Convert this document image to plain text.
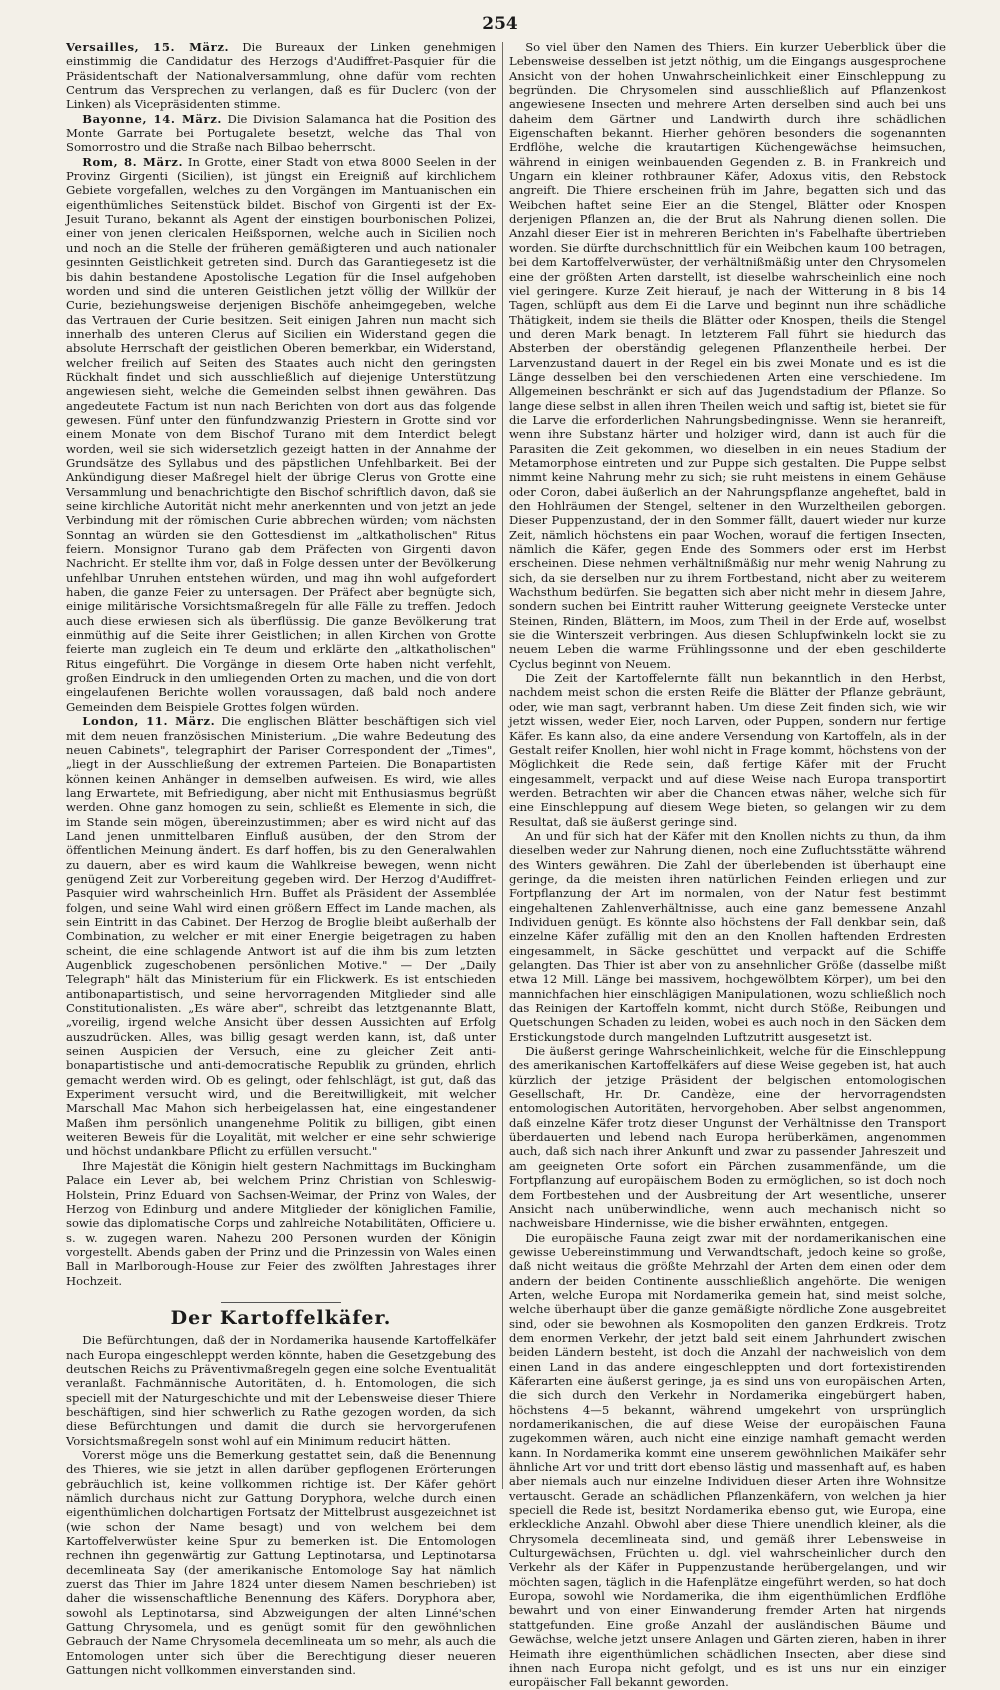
254

Versailles, 15. März. Die Bureaux der Linken genehmigen einstimmig die Candidatur des Herzogs d'Audiffret-Pasquier für die Präsidentschaft der Nationalversammlung, ohne dafür vom rechten Centrum das Versprechen zu verlangen, daß es für Duclerc (von der Linken) als Vicepräsidenten stimme.

Bayonne, 14. März. Die Division Salamanca hat die Position des Monte Garrate bei Portugalete besetzt, welche das Thal von Somorrostro und die Straße nach Bilbao beherrscht.

Rom, 8. März. In Grotte, einer Stadt von etwa 8000 Seelen in der Provinz Girgenti (Sicilien), ist jüngst ein Ereigniß auf kirchlichem Gebiete vorgefallen, welches zu den Vorgängen im Mantuanischen ein eigenthümliches Seitenstück bildet. Bischof von Girgenti ist der Ex-Jesuit Turano, bekannt als Agent der einstigen bourbonischen Polizei, einer von jenen clericalen Heißspornen, welche auch in Sicilien noch und noch an die Stelle der früheren gemäßigteren und auch nationaler gesinnten Geistlichkeit getreten sind. Durch das Garantiegesetz ist die bis dahin bestandene Apostolische Legation für die Insel aufgehoben worden und sind die unteren Geistlichen jetzt völlig der Willkür der Curie, beziehungsweise derjenigen Bischöfe anheimgegeben, welche das Vertrauen der Curie besitzen. Seit einigen Jahren nun macht sich innerhalb des unteren Clerus auf Sicilien ein Widerstand gegen die absolute Herrschaft der geistlichen Oberen bemerkbar, ein Widerstand, welcher freilich auf Seiten des Staates auch nicht den geringsten Rückhalt findet und sich ausschließlich auf diejenige Unterstützung angewiesen sieht, welche die Gemeinden selbst ihnen gewähren. Das angedeutete Factum ist nun nach Berichten von dort aus das folgende gewesen. Fünf unter den fünfundzwanzig Priestern in Grotte sind vor einem Monate von dem Bischof Turano mit dem Interdict belegt worden, weil sie sich widersetzlich gezeigt hatten in der Annahme der Grundsätze des Syllabus und des päpstlichen Unfehlbarkeit. Bei der Ankündigung dieser Maßregel hielt der übrige Clerus von Grotte eine Versammlung und benachrichtigte den Bischof schriftlich davon, daß sie seine kirchliche Autorität nicht mehr anerkennten und von jetzt an jede Verbindung mit der römischen Curie abbrechen würden; vom nächsten Sonntag an würden sie den Gottesdienst im „altkatholischen" Ritus feiern. Monsignor Turano gab dem Präfecten von Girgenti davon Nachricht. Er stellte ihm vor, daß in Folge dessen unter der Bevölkerung unfehlbar Unruhen entstehen würden, und mag ihn wohl aufgefordert haben, die ganze Feier zu untersagen. Der Präfect aber begnügte sich, einige militärische Vorsichtsmaßregeln für alle Fälle zu treffen. Jedoch auch diese erwiesen sich als überflüssig. Die ganze Bevölkerung trat einmüthig auf die Seite ihrer Geistlichen; in allen Kirchen von Grotte feierte man zugleich ein Te deum und erklärte den „altkatholischen" Ritus eingeführt. Die Vorgänge in diesem Orte haben nicht verfehlt, großen Eindruck in den umliegenden Orten zu machen, und die von dort eingelaufenen Berichte wollen voraussagen, daß bald noch andere Gemeinden dem Beispiele Grottes folgen würden.

London, 11. März. Die englischen Blätter beschäftigen sich viel mit dem neuen französischen Ministerium. „Die wahre Bedeutung des neuen Cabinets", telegraphirt der Pariser Correspondent der „Times", „liegt in der Ausschließung der extremen Parteien. Die Bonapartisten können keinen Anhänger in demselben aufweisen. Es wird, wie alles lang Erwartete, mit Befriedigung, aber nicht mit Enthusiasmus begrüßt werden. Ohne ganz homogen zu sein, schließt es Elemente in sich, die im Stande sein mögen, übereinzustimmen; aber es wird nicht auf das Land jenen unmittelbaren Einfluß ausüben, der den Strom der öffentlichen Meinung ändert. Es darf hoffen, bis zu den Generalwahlen zu dauern, aber es wird kaum die Wahlkreise bewegen, wenn nicht genügend Zeit zur Vorbereitung gegeben wird. Der Herzog d'Audiffret-Pasquier wird wahrscheinlich Hrn. Buffet als Präsident der Assemblée folgen, und seine Wahl wird einen größern Effect im Lande machen, als sein Eintritt in das Cabinet. Der Herzog de Broglie bleibt außerhalb der Combination, zu welcher er mit einer Energie beigetragen zu haben scheint, die eine schlagende Antwort ist auf die ihm bis zum letzten Augenblick zugeschobenen persönlichen Motive." — Der „Daily Telegraph" hält das Ministerium für ein Flickwerk. Es ist entschieden antibonapartistisch, und seine hervorragenden Mitglieder sind alle Constitutionalisten. „Es wäre aber", schreibt das letztgenannte Blatt, „voreilig, irgend welche Ansicht über dessen Aussichten auf Erfolg auszudrücken. Alles, was billig gesagt werden kann, ist, daß unter seinen Auspicien der Versuch, eine zu gleicher Zeit anti-bonapartistische und anti-democratische Republik zu gründen, ehrlich gemacht werden wird. Ob es gelingt, oder fehlschlägt, ist gut, daß das Experiment versucht wird, und die Bereitwilligkeit, mit welcher Marschall Mac Mahon sich herbeigelassen hat, eine eingestandener Maßen ihm persönlich unangenehme Politik zu billigen, gibt einen weiteren Beweis für die Loyalität, mit welcher er eine sehr schwierige und höchst undankbare Pflicht zu erfüllen versucht."

Ihre Majestät die Königin hielt gestern Nachmittags im Buckingham Palace ein Lever ab, bei welchem Prinz Christian von Schleswig-Holstein, Prinz Eduard von Sachsen-Weimar, der Prinz von Wales, der Herzog von Edinburg und andere Mitglieder der königlichen Familie, sowie das diplomatische Corps und zahlreiche Notabilitäten, Officiere u. s. w. zugegen waren. Nahezu 200 Personen wurden der Königin vorgestellt. Abends gaben der Prinz und die Prinzessin von Wales einen Ball in Marlborough-House zur Feier des zwölften Jahrestages ihrer Hochzeit.

Der Kartoffelkäfer.

Die Befürchtungen, daß der in Nordamerika hausende Kartoffelkäfer nach Europa eingeschleppt werden könnte, haben die Gesetzgebung des deutschen Reichs zu Präventivmaßregeln gegen eine solche Eventualität veranlaßt. Fachmännische Autoritäten, d. h. Entomologen, die sich speciell mit der Naturgeschichte und mit der Lebensweise dieser Thiere beschäftigen, sind hier schwerlich zu Rathe gezogen worden, da sich diese Befürchtungen und damit die durch sie hervorgerufenen Vorsichtsmaßregeln sonst wohl auf ein Minimum reducirt hätten.

Vorerst möge uns die Bemerkung gestattet sein, daß die Benennung des Thieres, wie sie jetzt in allen darüber gepflogenen Erörterungen gebräuchlich ist, keine vollkommen richtige ist. Der Käfer gehört nämlich durchaus nicht zur Gattung Doryphora, welche durch einen eigenthümlichen dolchartigen Fortsatz der Mittelbrust ausgezeichnet ist (wie schon der Name besagt) und von welchem bei dem Kartoffelverwüster keine Spur zu bemerken ist. Die Entomologen rechnen ihn gegenwärtig zur Gattung Leptinotarsa, und Leptinotarsa decemlineata Say (der amerikanische Entomologe Say hat nämlich zuerst das Thier im Jahre 1824 unter diesem Namen beschrieben) ist daher die wissenschaftliche Benennung des Käfers. Doryphora aber, sowohl als Leptinotarsa, sind Abzweigungen der alten Linné'schen Gattung Chrysomela, und es genügt somit für den gewöhnlichen Gebrauch der Name Chrysomela decemlineata um so mehr, als auch die Entomologen unter sich über die Berechtigung dieser neueren Gattungen nicht vollkommen einverstanden sind.

So viel über den Namen des Thiers. Ein kurzer Ueberblick über die Lebensweise desselben ist jetzt nöthig, um die Eingangs ausgesprochene Ansicht von der hohen Unwahrscheinlichkeit einer Einschleppung zu begründen. Die Chrysomelen sind ausschließlich auf Pflanzenkost angewiesene Insecten und mehrere Arten derselben sind auch bei uns daheim dem Gärtner und Landwirth durch ihre schädlichen Eigenschaften bekannt. Hierher gehören besonders die sogenannten Erdflöhe, welche die krautartigen Küchengewächse heimsuchen, während in einigen weinbauenden Gegenden z. B. in Frankreich und Ungarn ein kleiner rothbrauner Käfer, Adoxus vitis, den Rebstock angreift. Die Thiere erscheinen früh im Jahre, begatten sich und das Weibchen haftet seine Eier an die Stengel, Blätter oder Knospen derjenigen Pflanzen an, die der Brut als Nahrung dienen sollen. Die Anzahl dieser Eier ist in mehreren Berichten in's Fabelhafte übertrieben worden. Sie dürfte durchschnittlich für ein Weibchen kaum 100 betragen, bei dem Kartoffelverwüster, der verhältnißmäßig unter den Chrysomelen eine der größten Arten darstellt, ist dieselbe wahrscheinlich eine noch viel geringere. Kurze Zeit hierauf, je nach der Witterung in 8 bis 14 Tagen, schlüpft aus dem Ei die Larve und beginnt nun ihre schädliche Thätigkeit, indem sie theils die Blätter oder Knospen, theils die Stengel und deren Mark benagt. In letzterem Fall führt sie hiedurch das Absterben der oberständig gelegenen Pflanzentheile herbei. Der Larvenzustand dauert in der Regel ein bis zwei Monate und es ist die Länge desselben bei den verschiedenen Arten eine verschiedene. Im Allgemeinen beschränkt er sich auf das Jugendstadium der Pflanze. So lange diese selbst in allen ihren Theilen weich und saftig ist, bietet sie für die Larve die erforderlichen Nahrungsbedingnisse. Wenn sie heranreift, wenn ihre Substanz härter und holziger wird, dann ist auch für die Parasiten die Zeit gekommen, wo dieselben in ein neues Stadium der Metamorphose eintreten und zur Puppe sich gestalten. Die Puppe selbst nimmt keine Nahrung mehr zu sich; sie ruht meistens in einem Gehäuse oder Coron, dabei äußerlich an der Nahrungspflanze angeheftet, bald in den Hohlräumen der Stengel, seltener in den Wurzeltheilen geborgen. Dieser Puppenzustand, der in den Sommer fällt, dauert wieder nur kurze Zeit, nämlich höchstens ein paar Wochen, worauf die fertigen Insecten, nämlich die Käfer, gegen Ende des Sommers oder erst im Herbst erscheinen. Diese nehmen verhältnißmäßig nur mehr wenig Nahrung zu sich, da sie derselben nur zu ihrem Fortbestand, nicht aber zu weiterem Wachsthum bedürfen. Sie begatten sich aber nicht mehr in diesem Jahre, sondern suchen bei Eintritt rauher Witterung geeignete Verstecke unter Steinen, Rinden, Blättern, im Moos, zum Theil in der Erde auf, woselbst sie die Winterszeit verbringen. Aus diesen Schlupfwinkeln lockt sie zu neuem Leben die warme Frühlingssonne und der eben geschilderte Cyclus beginnt von Neuem.

Die Zeit der Kartoffelernte fällt nun bekanntlich in den Herbst, nachdem meist schon die ersten Reife die Blätter der Pflanze gebräunt, oder, wie man sagt, verbrannt haben. Um diese Zeit finden sich, wie wir jetzt wissen, weder Eier, noch Larven, oder Puppen, sondern nur fertige Käfer. Es kann also, da eine andere Versendung von Kartoffeln, als in der Gestalt reifer Knollen, hier wohl nicht in Frage kommt, höchstens von der Möglichkeit die Rede sein, daß fertige Käfer mit der Frucht eingesammelt, verpackt und auf diese Weise nach Europa transportirt werden. Betrachten wir aber die Chancen etwas näher, welche sich für eine Einschleppung auf diesem Wege bieten, so gelangen wir zu dem Resultat, daß sie äußerst geringe sind.

An und für sich hat der Käfer mit den Knollen nichts zu thun, da ihm dieselben weder zur Nahrung dienen, noch eine Zufluchtsstätte während des Winters gewähren. Die Zahl der überlebenden ist überhaupt eine geringe, da die meisten ihren natürlichen Feinden erliegen und zur Fortpflanzung der Art im normalen, von der Natur fest bestimmt eingehaltenen Zahlenverhältnisse, auch eine ganz bemessene Anzahl Individuen genügt. Es könnte also höchstens der Fall denkbar sein, daß einzelne Käfer zufällig mit den an den Knollen haftenden Erdresten eingesammelt, in Säcke geschüttet und verpackt auf die Schiffe gelangten. Das Thier ist aber von zu ansehnlicher Größe (dasselbe mißt etwa 12 Mill. Länge bei massivem, hochgewölbtem Körper), um bei den mannichfachen hier einschlägigen Manipulationen, wozu schließlich noch das Reinigen der Kartoffeln kommt, nicht durch Stöße, Reibungen und Quetschungen Schaden zu leiden, wobei es auch noch in den Säcken dem Erstickungstode durch mangelnden Luftzutritt ausgesetzt ist.

Die äußerst geringe Wahrscheinlichkeit, welche für die Einschleppung des amerikanischen Kartoffelkäfers auf diese Weise gegeben ist, hat auch kürzlich der jetzige Präsident der belgischen entomologischen Gesellschaft, Hr. Dr. Candèze, eine der hervorragendsten entomologischen Autoritäten, hervorgehoben. Aber selbst angenommen, daß einzelne Käfer trotz dieser Ungunst der Verhältnisse den Transport überdauerten und lebend nach Europa herüberkämen, angenommen auch, daß sich nach ihrer Ankunft und zwar zu passender Jahreszeit und am geeigneten Orte sofort ein Pärchen zusammenfände, um die Fortpflanzung auf europäischem Boden zu ermöglichen, so ist doch noch dem Fortbestehen und der Ausbreitung der Art wesentliche, unserer Ansicht nach unüberwindliche, wenn auch mechanisch nicht so nachweisbare Hindernisse, wie die bisher erwähnten, entgegen.

Die europäische Fauna zeigt zwar mit der nordamerikanischen eine gewisse Uebereinstimmung und Verwandtschaft, jedoch keine so große, daß nicht weitaus die größte Mehrzahl der Arten dem einen oder dem andern der beiden Continente ausschließlich angehörte. Die wenigen Arten, welche Europa mit Nordamerika gemein hat, sind meist solche, welche überhaupt über die ganze gemäßigte nördliche Zone ausgebreitet sind, oder sie bewohnen als Kosmopoliten den ganzen Erdkreis. Trotz dem enormen Verkehr, der jetzt bald seit einem Jahrhundert zwischen beiden Ländern besteht, ist doch die Anzahl der nachweislich von dem einen Land in das andere eingeschleppten und dort fortexistirenden Käferarten eine äußerst geringe, ja es sind uns von europäischen Arten, die sich durch den Verkehr in Nordamerika eingebürgert haben, höchstens 4—5 bekannt, während umgekehrt von ursprünglich nordamerikanischen, die auf diese Weise der europäischen Fauna zugekommen wären, auch nicht eine einzige namhaft gemacht werden kann. In Nordamerika kommt eine unserem gewöhnlichen Maikäfer sehr ähnliche Art vor und tritt dort ebenso lästig und massenhaft auf, es haben aber niemals auch nur einzelne Individuen dieser Arten ihre Wohnsitze vertauscht. Gerade an schädlichen Pflanzenkäfern, von welchen ja hier speciell die Rede ist, besitzt Nordamerika ebenso gut, wie Europa, eine erkleckliche Anzahl. Obwohl aber diese Thiere unendlich kleiner, als die Chrysomela decemlineata sind, und gemäß ihrer Lebensweise in Culturgewächsen, Früchten u. dgl. viel wahrscheinlicher durch den Verkehr als der Käfer in Puppenzustande herübergelangen, und wir möchten sagen, täglich in die Hafenplätze eingeführt werden, so hat doch Europa, sowohl wie Nordamerika, die ihm eigenthümlichen Erdflöhe bewahrt und von einer Einwanderung fremder Arten hat nirgends stattgefunden. Eine große Anzahl der ausländischen Bäume und Gewächse, welche jetzt unsere Anlagen und Gärten zieren, haben in ihrer Heimath ihre eigenthümlichen schädlichen Insecten, aber diese sind ihnen nach Europa nicht gefolgt, und es ist uns nur ein einziger europäischer Fall bekannt geworden.
